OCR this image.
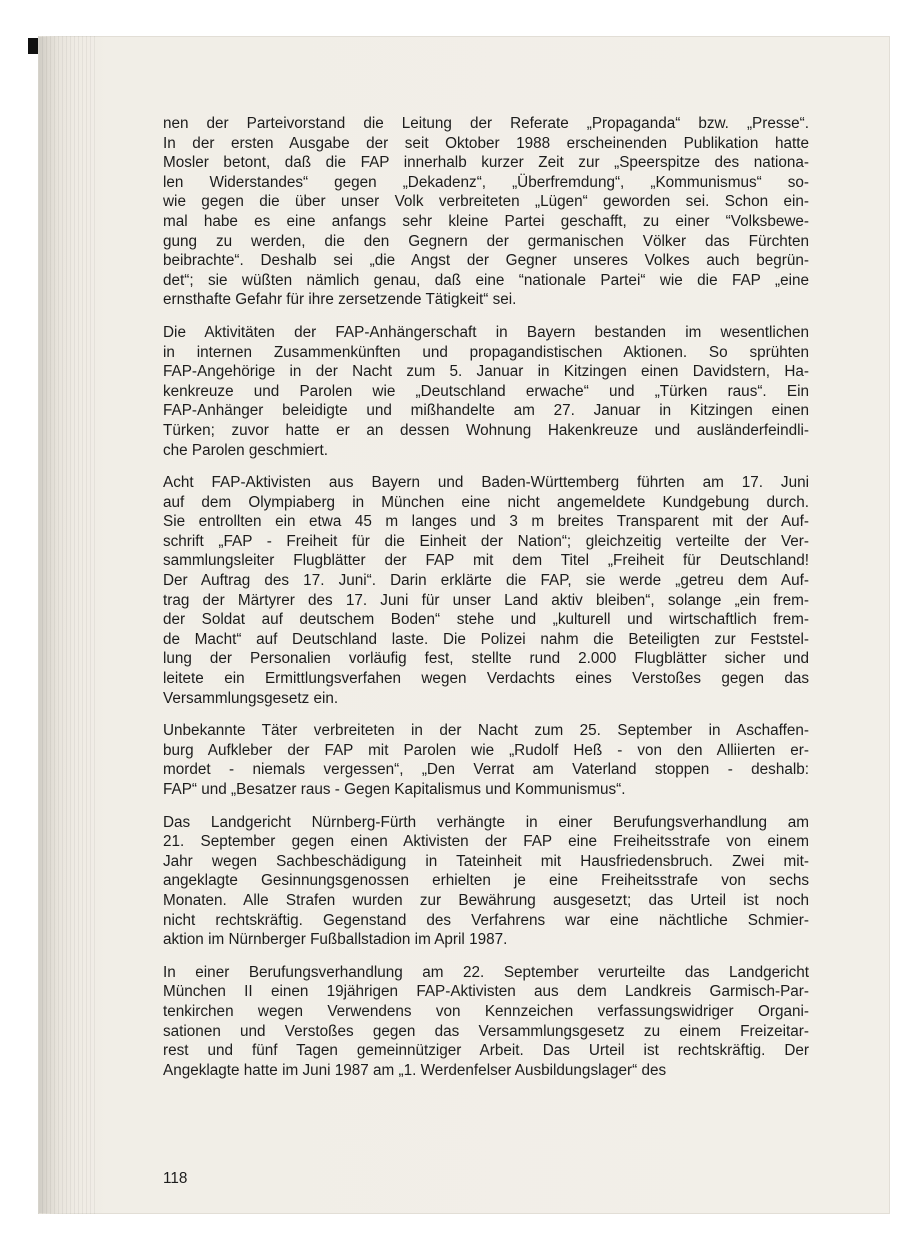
nen der Parteivorstand die Leitung der Referate „Propaganda“ bzw. „Presse“.
In der ersten Ausgabe der seit Oktober 1988 erscheinenden Publikation hatte
Mosler betont, daß die FAP innerhalb kurzer Zeit zur „Speerspitze des nationa-
len Widerstandes“ gegen „Dekadenz“, „Überfremdung“, „Kommunismus“ so-
wie gegen die über unser Volk verbreiteten „Lügen“ geworden sei. Schon ein-
mal habe es eine anfangs sehr kleine Partei geschafft, zu einer “Volksbewe-
gung zu werden, die den Gegnern der germanischen Völker das Fürchten
beibrachte“. Deshalb sei „die Angst der Gegner unseres Volkes auch begrün-
det“; sie wüßten nämlich genau, daß eine “nationale Partei“ wie die FAP „eine
ernsthafte Gefahr für ihre zersetzende Tätigkeit“ sei.

Die Aktivitäten der FAP-Anhängerschaft in Bayern bestanden im wesentlichen
in internen Zusammenkünften und propagandistischen Aktionen. So sprühten
FAP-Angehörige in der Nacht zum 5. Januar in Kitzingen einen Davidstern, Ha-
kenkreuze und Parolen wie „Deutschland erwache“ und „Türken raus“. Ein
FAP-Anhänger beleidigte und mißhandelte am 27. Januar in Kitzingen einen
Türken; zuvor hatte er an dessen Wohnung Hakenkreuze und ausländerfeindli-
che Parolen geschmiert.

Acht FAP-Aktivisten aus Bayern und Baden-Württemberg führten am 17. Juni
auf dem Olympiaberg in München eine nicht angemeldete Kundgebung durch.
Sie entrollten ein etwa 45 m langes und 3 m breites Transparent mit der Auf-
schrift „FAP - Freiheit für die Einheit der Nation“; gleichzeitig verteilte der Ver-
sammlungsleiter Flugblätter der FAP mit dem Titel „Freiheit für Deutschland!
Der Auftrag des 17. Juni“. Darin erklärte die FAP, sie werde „getreu dem Auf-
trag der Märtyrer des 17. Juni für unser Land aktiv bleiben“, solange „ein frem-
der Soldat auf deutschem Boden“ stehe und „kulturell und wirtschaftlich frem-
de Macht“ auf Deutschland laste. Die Polizei nahm die Beteiligten zur Feststel-
lung der Personalien vorläufig fest, stellte rund 2.000 Flugblätter sicher und
leitete ein Ermittlungsverfahen wegen Verdachts eines Verstoßes gegen das
Versammlungsgesetz ein.

Unbekannte Täter verbreiteten in der Nacht zum 25. September in Aschaffen-
burg Aufkleber der FAP mit Parolen wie „Rudolf Heß - von den Alliierten er-
mordet - niemals vergessen“, „Den Verrat am Vaterland stoppen - deshalb:
FAP“ und „Besatzer raus - Gegen Kapitalismus und Kommunismus“.

Das Landgericht Nürnberg-Fürth verhängte in einer Berufungsverhandlung am
21. September gegen einen Aktivisten der FAP eine Freiheitsstrafe von einem
Jahr wegen Sachbeschädigung in Tateinheit mit Hausfriedensbruch. Zwei mit-
angeklagte Gesinnungsgenossen erhielten je eine Freiheitsstrafe von sechs
Monaten. Alle Strafen wurden zur Bewährung ausgesetzt; das Urteil ist noch
nicht rechtskräftig. Gegenstand des Verfahrens war eine nächtliche Schmier-
aktion im Nürnberger Fußballstadion im April 1987.

In einer Berufungsverhandlung am 22. September verurteilte das Landgericht
München II einen 19jährigen FAP-Aktivisten aus dem Landkreis Garmisch-Par-
tenkirchen wegen Verwendens von Kennzeichen verfassungswidriger Organi-
sationen und Verstoßes gegen das Versammlungsgesetz zu einem Freizeitar-
rest und fünf Tagen gemeinnütziger Arbeit. Das Urteil ist rechtskräftig. Der
Angeklagte hatte im Juni 1987 am „1. Werdenfelser Ausbildungslager“ des

118
